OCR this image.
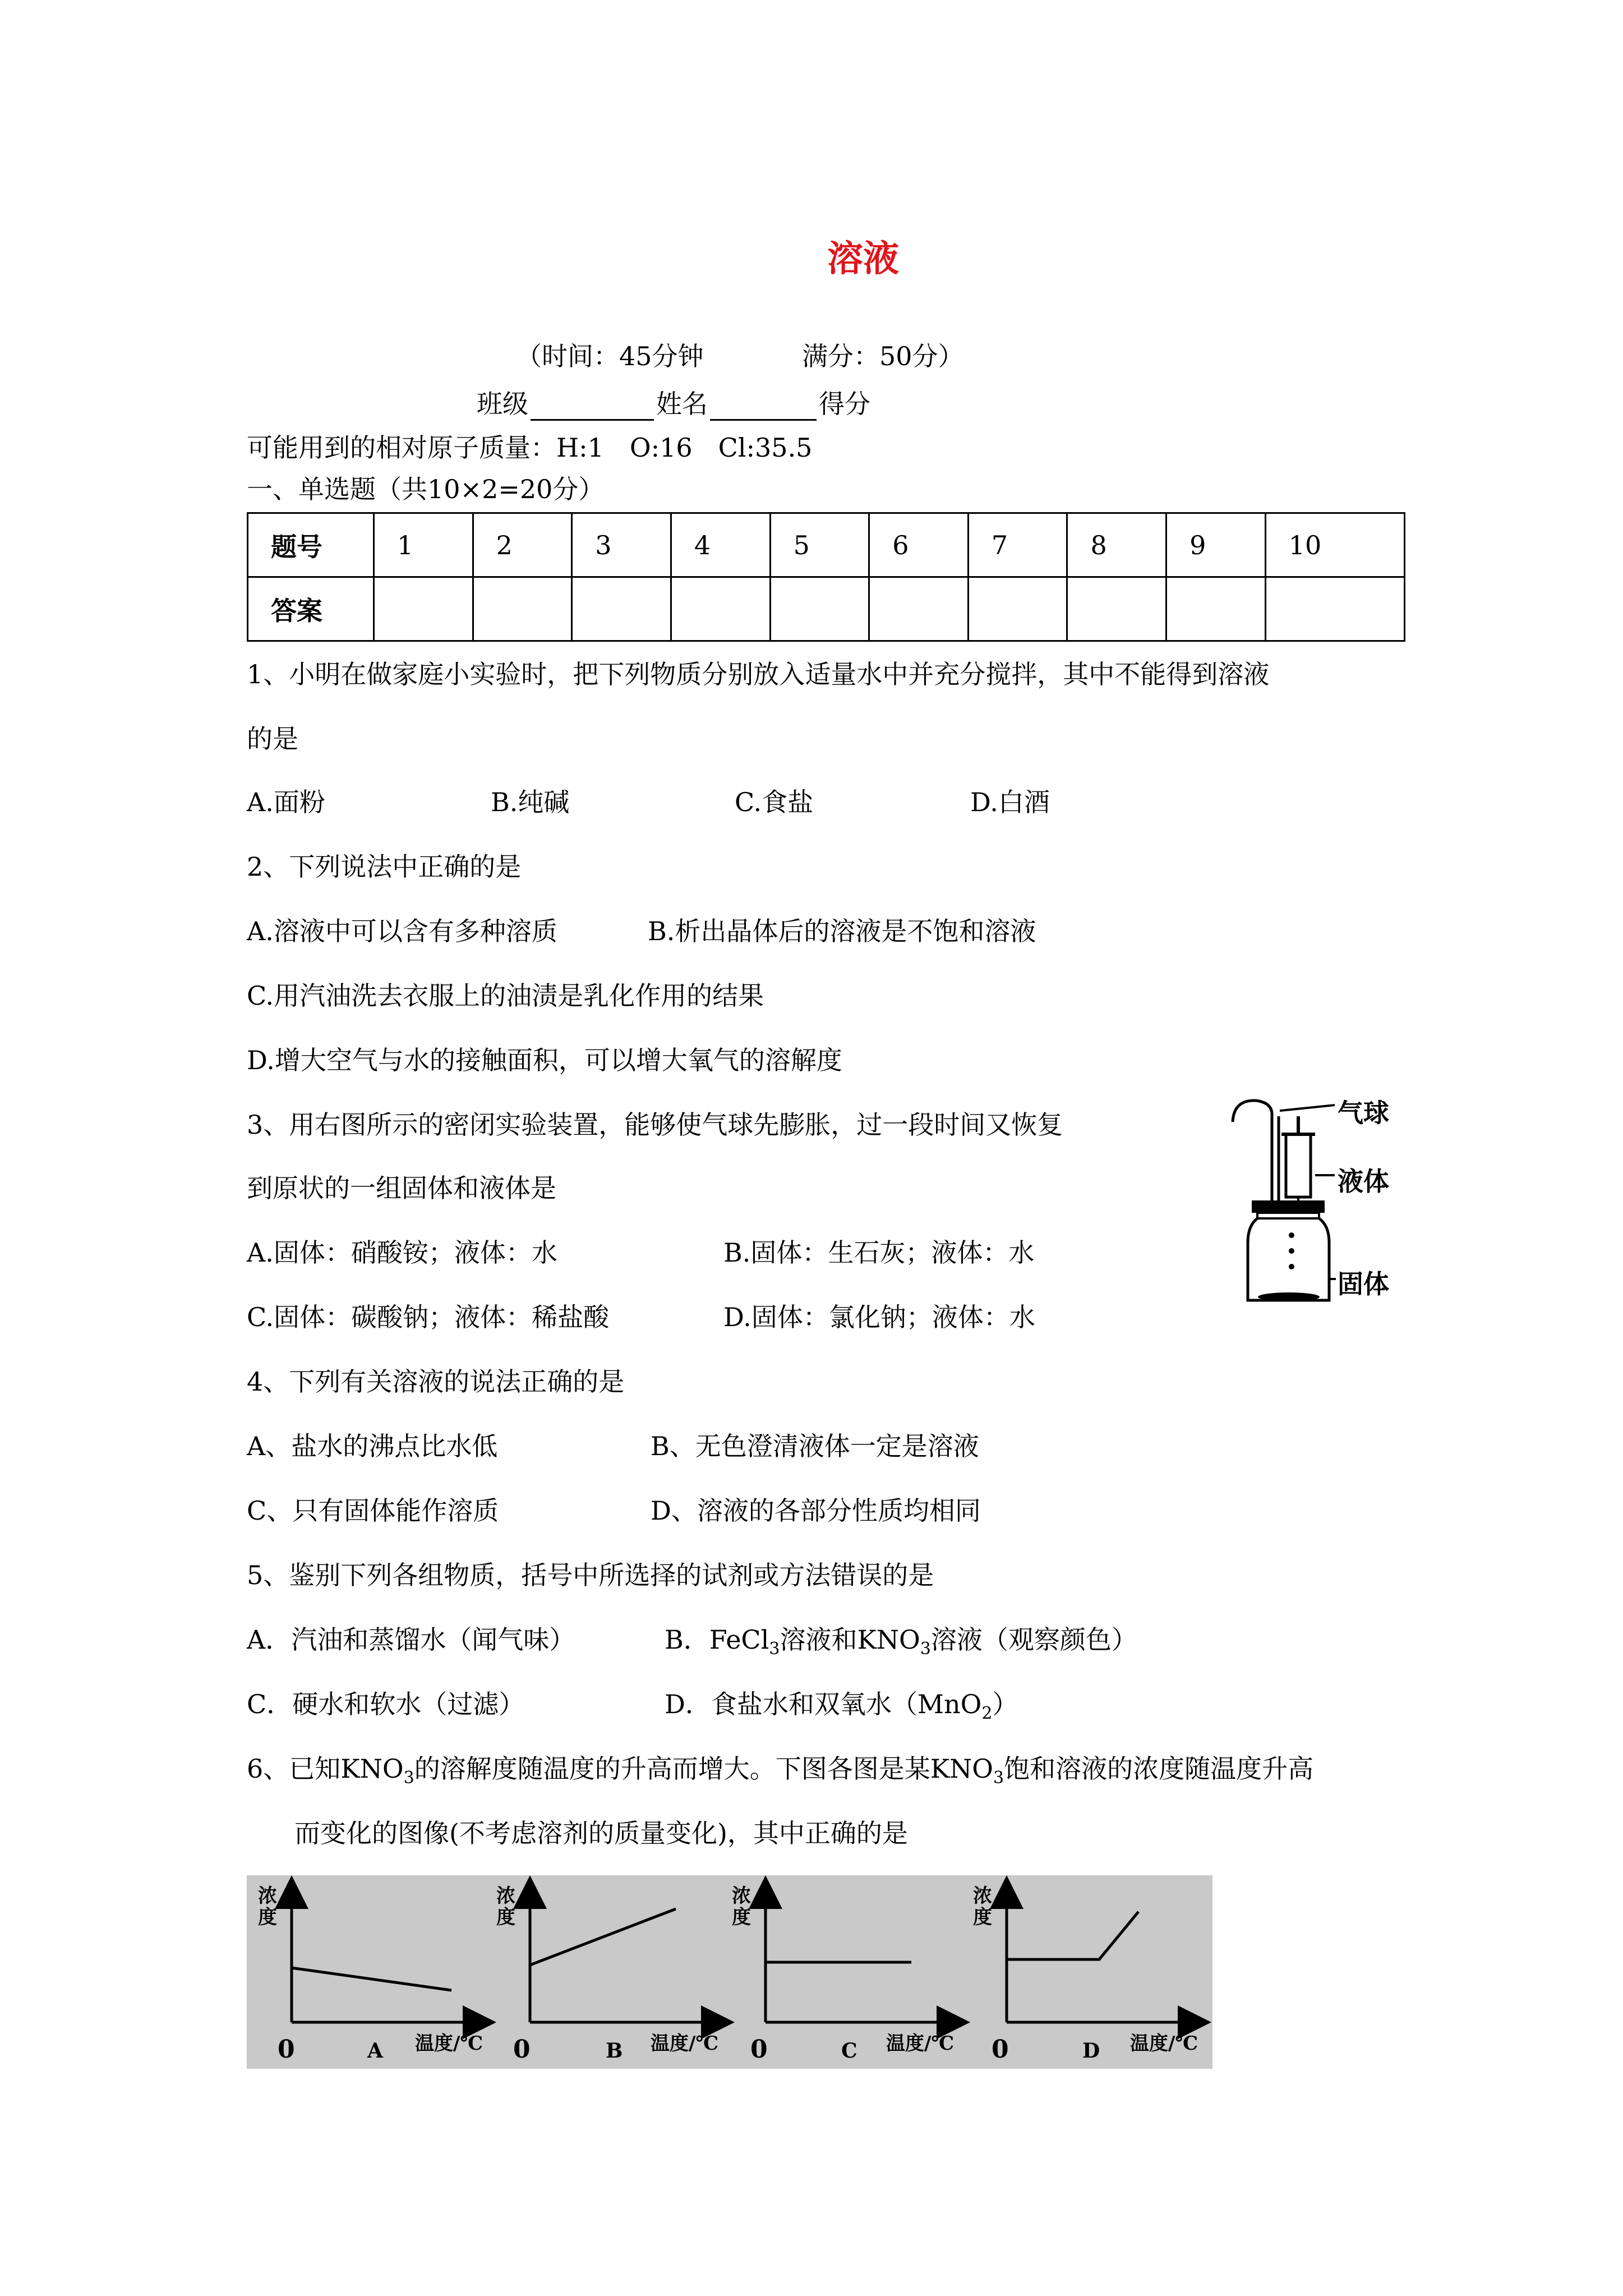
溶液
（时间：45分钟	满分：50分）
班级	姓名	得分
可能用到的相对原子质量：H:1　O:16　Cl:35.5
一、单选题（共10×2=20分）
题号	1	2	3	4	5	6	7	8	9	10
答案										
1、小明在做家庭小实验时，把下列物质分别放入适量水中并充分搅拌，其中不能得到溶液
的是
A.面粉	B.纯碱	C.食盐	D.白酒
2、下列说法中正确的是
A.溶液中可以含有多种溶质	B.析出晶体后的溶液是不饱和溶液
C.用汽油洗去衣服上的油渍是乳化作用的结果
D.增大空气与水的接触面积，可以增大氧气的溶解度
3、用右图所示的密闭实验装置，能够使气球先膨胀，过一段时间又恢复
到原状的一组固体和液体是
A.固体：硝酸铵；液体：水	B.固体：生石灰；液体：水
C.固体：碳酸钠；液体：稀盐酸	D.固体：氯化钠；液体：水
气球
液体
固体
4、下列有关溶液的说法正确的是
A、盐水的沸点比水低	B、无色澄清液体一定是溶液
C、只有固体能作溶质	D、溶液的各部分性质均相同
5、鉴别下列各组物质，括号中所选择的试剂或方法错误的是
A．汽油和蒸馏水（闻气味）	B．FeCl$_3$溶液和$KNO_3$溶液（观察颜色）
C．硬水和软水（过滤）	D．食盐水和双氧水（MnO$_2$）
6、已知$KNO_3$的溶解度随温度的升高而增大。下图各图是某$KNO_3$饱和溶液的浓度随温度升高
而变化的图像(不考虑溶剂的质量变化)，其中正确的是
浓度
0	A 温度/℃
浓度
0	B 温度/℃
浓度
0	C 温度/℃
浓度
0	D 温度/℃
